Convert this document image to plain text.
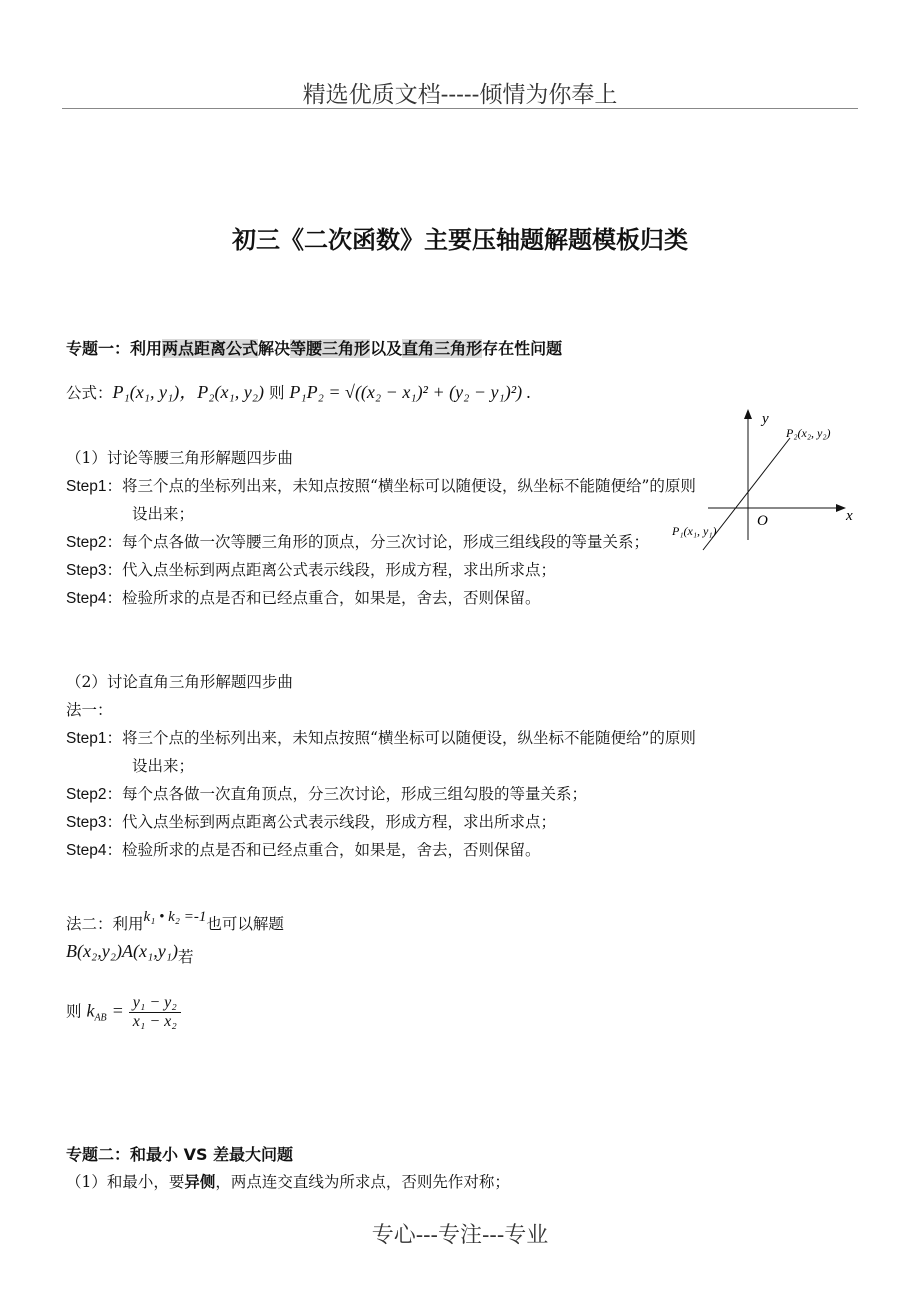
精选优质文档-----倾情为你奉上
初三《二次函数》主要压轴题解题模板归类
专题一：利用两点距离公式解决等腰三角形以及直角三角形存在性问题
公式：P₁(x₁, y₁)，P₂(x₁, y₂) 则 P₁P₂ = √((x₂ − x₁)² + (y₂ − y₁)²) .
y
x
O
P₂(x₂, y₂)
P₁(x₁, y₁)
（1）讨论等腰三角形解题四步曲
Step1：将三个点的坐标列出来，未知点按照“横坐标可以随便设，纵坐标不能随便给”的原则
设出来；
Step2：每个点各做一次等腰三角形的顶点，分三次讨论，形成三组线段的等量关系；
Step3：代入点坐标到两点距离公式表示线段，形成方程，求出所求点；
Step4：检验所求的点是否和已经点重合，如果是，舍去，否则保留。
（2）讨论直角三角形解题四步曲
法一：
Step1：将三个点的坐标列出来，未知点按照“横坐标可以随便设，纵坐标不能随便给”的原则
设出来；
Step2：每个点各做一次直角顶点，分三次讨论，形成三组勾股的等量关系；
Step3：代入点坐标到两点距离公式表示线段，形成方程，求出所求点；
Step4：检验所求的点是否和已经点重合，如果是，舍去，否则保留。
法二：利用k₁ • k₂ =-1也可以解题
B(x₂,y₂)A(x₁,y₁)若
则 $k_{AB} = \frac{\text{y₁ − y₂}}{\text{x₁ − x₂}}$
专题二：和最小 VS 差最大问题
（1）和最小，要异侧，两点连交直线为所求点，否则先作对称；
专心---专注---专业
